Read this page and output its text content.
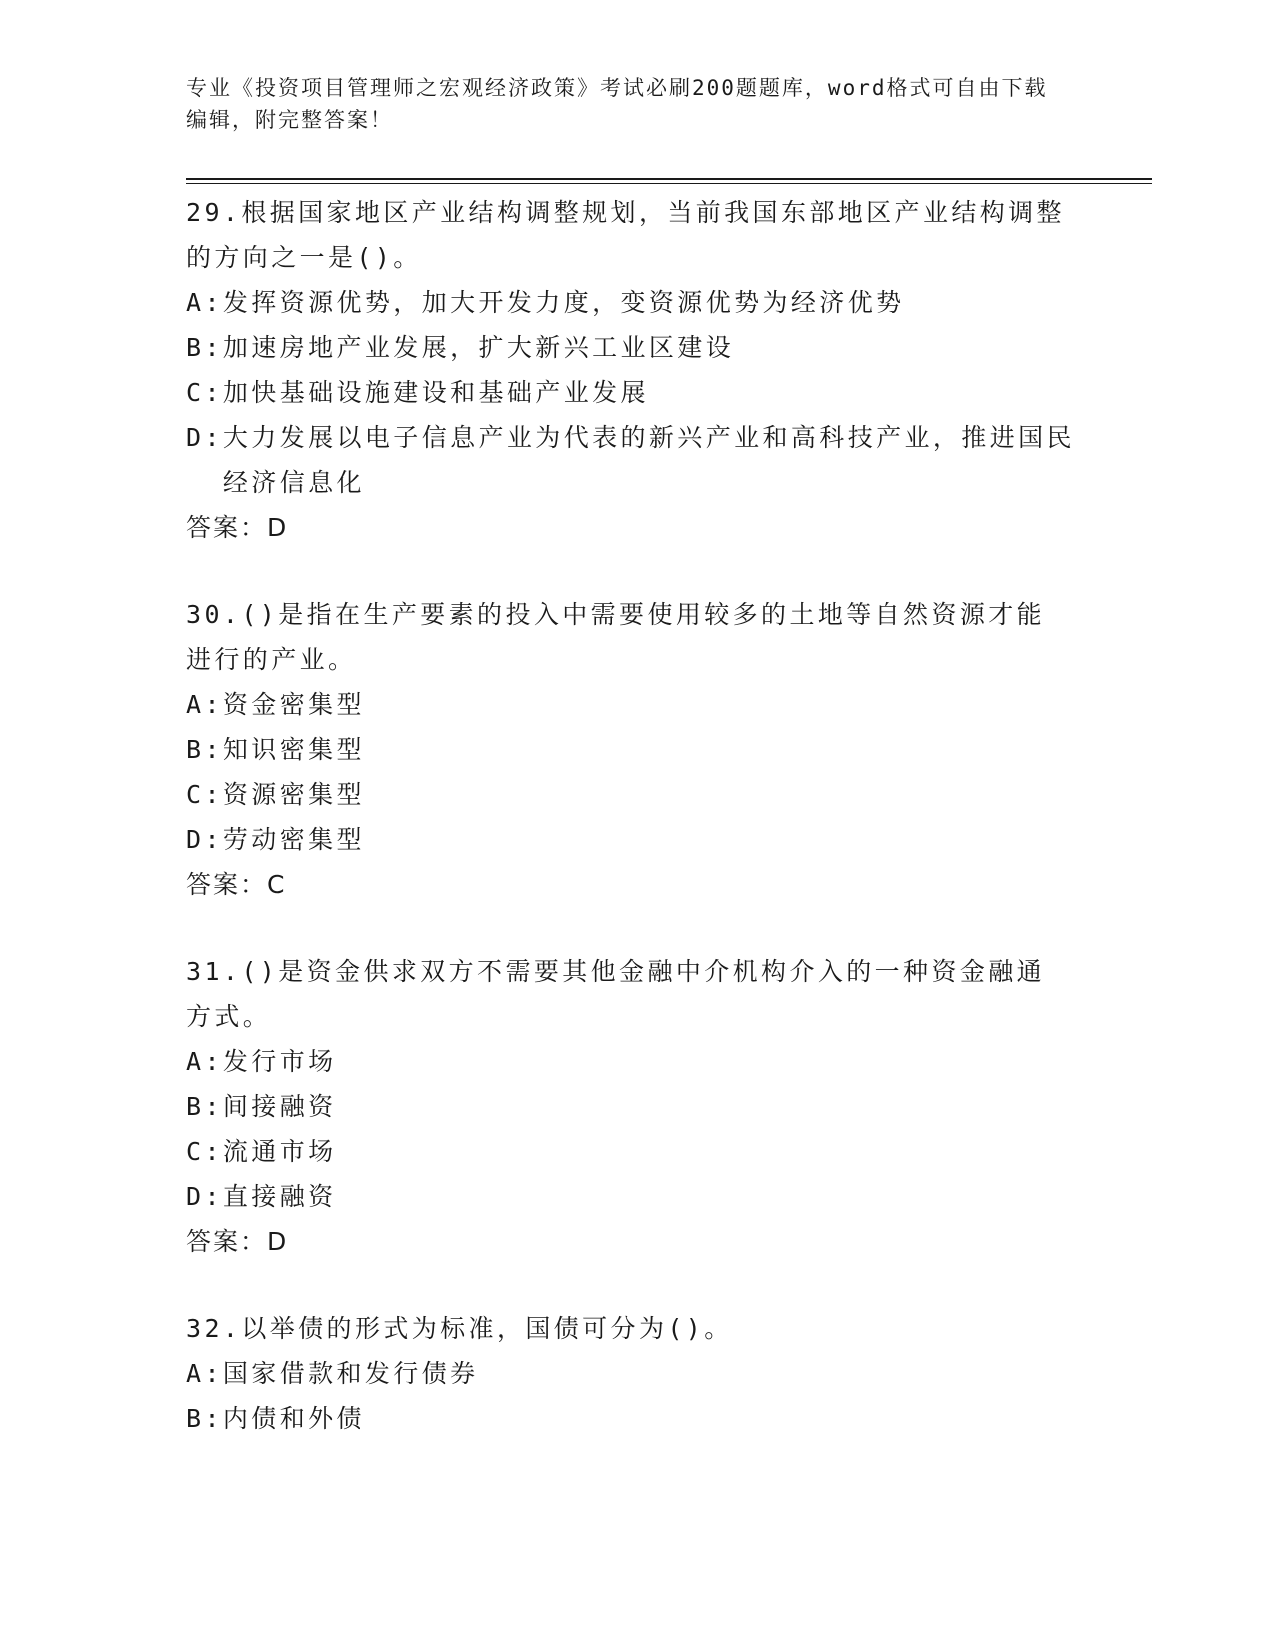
专业《投资项目管理师之宏观经济政策》考试必刷200题题库，word格式可自由下载编辑，附完整答案！
29.根据国家地区产业结构调整规划，当前我国东部地区产业结构调整的方向之一是()。
A: 发挥资源优势，加大开发力度，变资源优势为经济优势
B: 加速房地产业发展，扩大新兴工业区建设
C: 加快基础设施建设和基础产业发展
D: 大力发展以电子信息产业为代表的新兴产业和高科技产业，推进国民经济信息化
答案：D
30.()是指在生产要素的投入中需要使用较多的土地等自然资源才能进行的产业。
A: 资金密集型
B: 知识密集型
C: 资源密集型
D: 劳动密集型
答案：C
31.()是资金供求双方不需要其他金融中介机构介入的一种资金融通方式。
A: 发行市场
B: 间接融资
C: 流通市场
D: 直接融资
答案：D
32.以举债的形式为标准，国债可分为()。
A: 国家借款和发行债券
B: 内债和外债
